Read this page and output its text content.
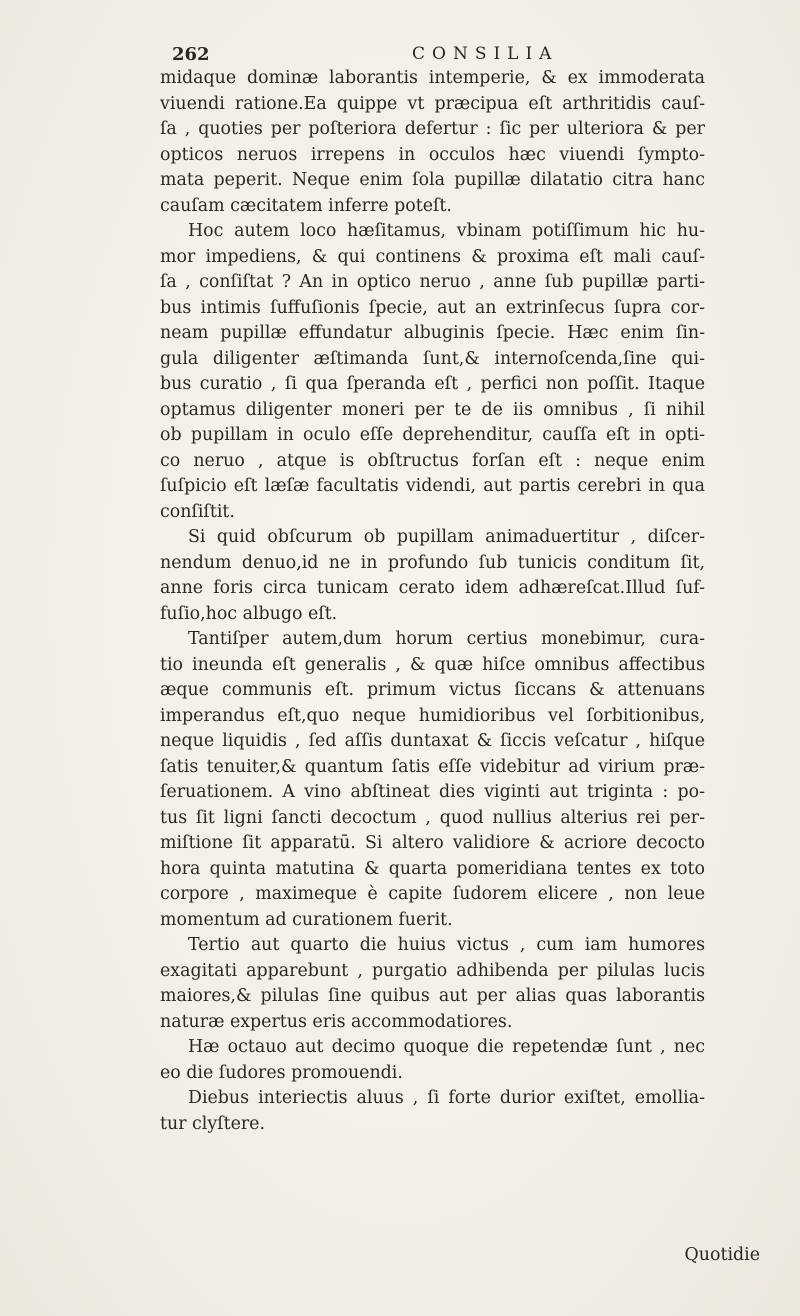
262	CONSILIA
midaque dominæ laborantis intemperie, & ex immoderata
viuendi ratione.Ea quippe vt præcipua eſt arthritidis cauſ-
ſa , quoties per poſteriora defertur : ſic per ulteriora & per
opticos neruos irrepens in occulos hæc viuendi ſympto-
mata peperit. Neque enim ſola pupillæ dilatatio citra hanc
cauſam cæcitatem inferre poteſt.
Hoc autem loco hæſitamus, vbinam potiſſimum hic hu-
mor impediens, & qui continens & proxima eſt mali cauſ-
ſa , conſiſtat ? An in optico neruo , anne ſub pupillæ parti-
bus intimis ſuffuſionis ſpecie, aut an extrinſecus ſupra cor-
neam pupillæ effundatur albuginis ſpecie. Hæc enim ſin-
gula diligenter æſtimanda ſunt,& internoſcenda,ſine qui-
bus curatio , ſi qua ſperanda eſt , perfici non poſſit. Itaque
optamus diligenter moneri per te de iis omnibus , ſi nihil
ob pupillam in oculo eſſe deprehenditur, cauſſa eſt in opti-
co neruo , atque is obſtructus forſan eſt : neque enim
ſuſpicio eſt læſæ facultatis videndi, aut partis cerebri in qua
conſiſtit.
Si quid obſcurum ob pupillam animaduertitur , diſcer-
nendum denuo,id ne in profundo ſub tunicis conditum ſit,
anne foris circa tunicam cerato idem adhæreſcat.Illud ſuf-
fuſio,hoc albugo eſt.
Tantiſper autem,dum horum certius monebimur, cura-
tio ineunda eſt generalis , & quæ hiſce omnibus affectibus
æque communis eſt. primum victus ſiccans & attenuans
imperandus eſt,quo neque humidioribus vel ſorbitionibus,
neque liquidis , ſed aſſis duntaxat & ſiccis veſcatur , hiſque
ſatis tenuiter,& quantum ſatis eſſe videbitur ad virium præ-
ſeruationem. A vino abſtineat dies viginti aut triginta : po-
tus ſit ligni ſancti decoctum , quod nullius alterius rei per-
miſtione ſit apparatū. Si altero validiore & acriore decocto
hora quinta matutina & quarta pomeridiana tentes ex toto
corpore , maximeque è capite ſudorem elicere , non leue
momentum ad curationem fuerit.
Tertio aut quarto die huius victus , cum iam humores
exagitati apparebunt , purgatio adhibenda per pilulas lucis
maiores,& pilulas ſine quibus aut per alias quas laborantis
naturæ expertus eris accommodatiores.
Hæ octauo aut decimo quoque die repetendæ ſunt , nec
eo die ſudores promouendi.
Diebus interiectis aluus , ſi forte durior exiſtet, emollia-
tur clyſtere.
Quotidie
